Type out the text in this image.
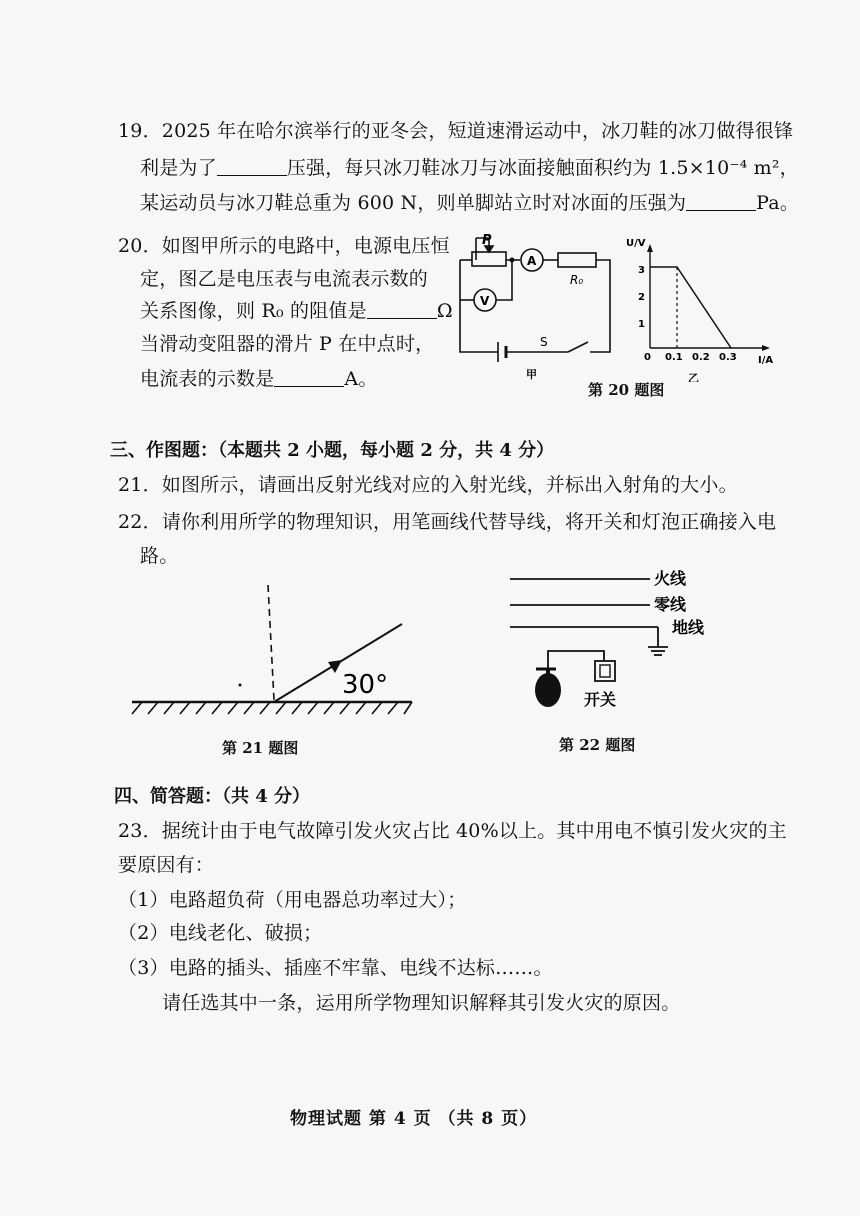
19．2025 年在哈尔滨举行的亚冬会，短道速滑运动中，冰刀鞋的冰刀做得很锋
利是为了	压强，每只冰刀鞋冰刀与冰面接触面积约为 1.5×10⁻⁴ m²，
某运动员与冰刀鞋总重为 600 N，则单脚站立时对冰面的压强为	Pa。
20．如图甲所示的电路中，电源电压恒
定，图乙是电压表与电流表示数的
关系图像，则 R₀ 的阻值是	Ω
当滑动变阻器的滑片 P 在中点时，
电流表的示数是	A。
P
A
R₀
V
S
甲
U/V
I/A
0
1
2
3
0.1 0.2 0.3
乙
第 20 题图
三、作图题：（本题共 2 小题，每小题 2 分，共 4 分）
21．如图所示，请画出反射光线对应的入射光线，并标出入射角的大小。
22．请你利用所学的物理知识，用笔画线代替导线，将开关和灯泡正确接入电
路。
30°
第 21 题图
火线
零线
地线
开关
第 22 题图
四、简答题：（共 4 分）
23．据统计由于电气故障引发火灾占比 40%以上。其中用电不慎引发火灾的主
要原因有：
（1）电路超负荷（用电器总功率过大）；
（2）电线老化、破损；
（3）电路的插头、插座不牢靠、电线不达标……。
请任选其中一条，运用所学物理知识解释其引发火灾的原因。
物理试题 第 4 页 （共 8 页）
